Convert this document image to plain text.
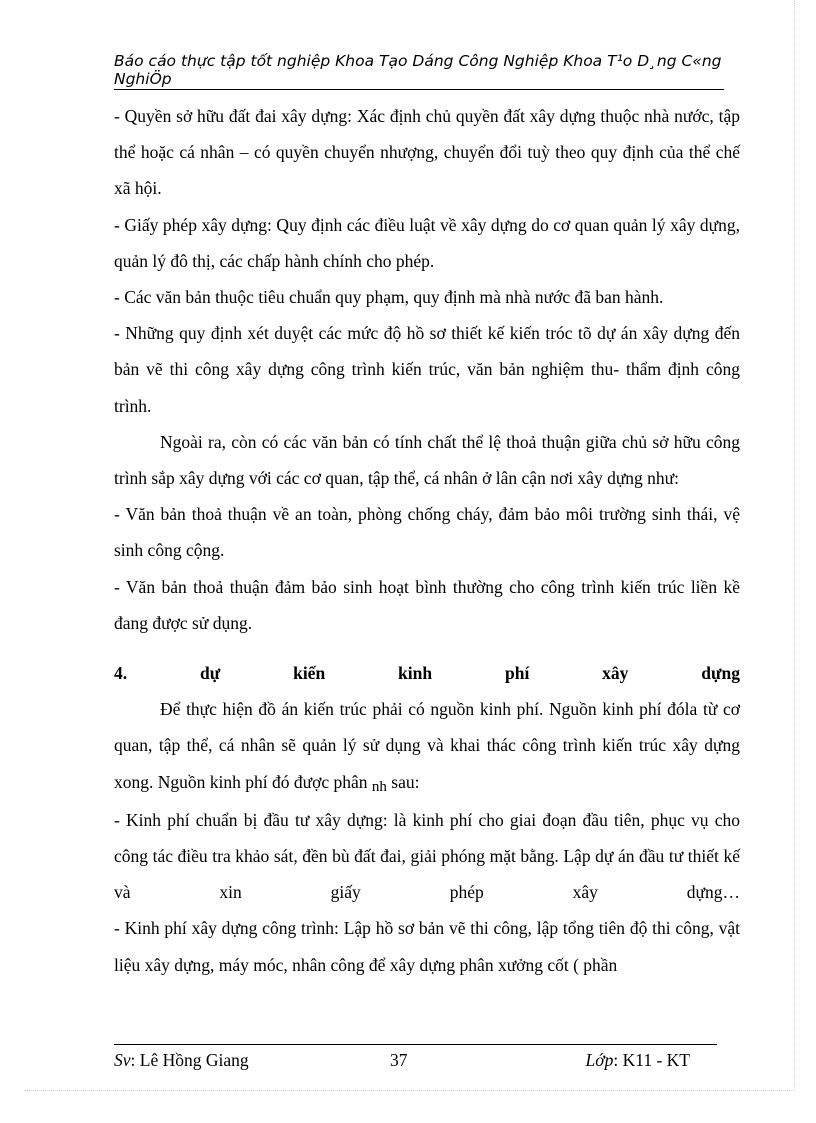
Báo cáo thực tập tốt nghiệp Khoa Tạo Dáng Công Nghiệp Khoa T¹o D¸ng C«ng NghiÖp

- Quyền sở hữu đất đai xây dựng: Xác định chủ quyền đất xây dựng thuộc nhà nước, tập thể hoặc cá nhân – có quyền chuyển nhượng, chuyển đổi tuỳ theo quy định của thể chế xã hội.

- Giấy phép xây dựng: Quy định các điều luật về xây dựng do cơ quan quản lý xây dựng, quản lý đô thị, các chấp hành chính cho phép.

- Các văn bản thuộc tiêu chuẩn quy phạm, quy định mà nhà nước đã ban hành.

- Những quy định xét duyệt các mức độ hồ sơ thiết kế kiến tróc tõ dự án xây dựng đến bản vẽ thi công xây dựng công trình kiến trúc, văn bản nghiệm thu- thẩm định công trình.

Ngoài ra, còn có các văn bản có tính chất thể lệ thoả thuận giữa chủ sở hữu công trình sắp xây dựng với các cơ quan, tập thể, cá nhân ở lân cận nơi xây dựng như:

- Văn bản thoả thuận về an toàn, phòng chống cháy, đảm bảo môi trường sinh thái, vệ sinh công cộng.

- Văn bản thoả thuận đảm bảo sinh hoạt bình thường cho công trình kiến trúc liền kề đang được sử dụng.

4. dự kiến kinh phí xây dựng

Để thực hiện đồ án kiến trúc phải có nguồn kinh phí. Nguồn kinh phí đóla từ cơ quan, tập thể, cá nhân sẽ quản lý sử dụng và khai thác công trình kiến trúc xây dựng xong. Nguồn kinh phí đó được phân nh sau:

- Kinh phí chuẩn bị đầu tư xây dựng: là kinh phí cho giai đoạn đầu tiên, phục vụ cho công tác điều tra khảo sát, đền bù đất đai, giải phóng mặt bằng. Lập dự án đầu tư thiết kế và xin giấy phép xây dựng…

- Kinh phí xây dựng công trình: Lập hồ sơ bản vẽ thi công, lập tổng tiên độ thi công, vật liệu xây dựng, máy móc, nhân công để xây dựng phân xưởng cốt ( phần

Sv: Lê Hồng Giang	37	Lớp: K11 - KT
